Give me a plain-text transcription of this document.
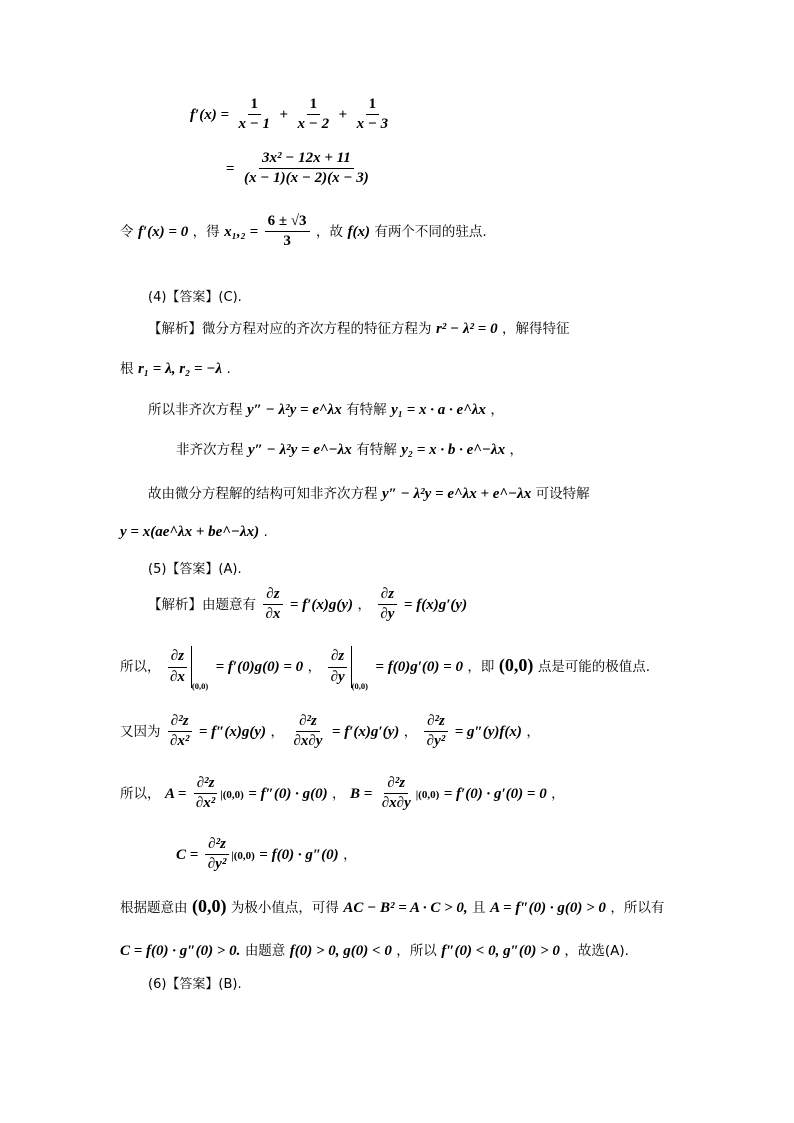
$f'(x) = \frac{1}{x - 1} + \frac{1}{x - 2} + \frac{1}{x - 3}$
= $\frac{\text{3x² − 12x + 11}}{(x - 1)(x - 2)(x - 3)}$
令 f′(x) = 0 ，得 $x_1,_2 = \frac{6 \pm √3}{3}$ ，故 f(x) 有两个不同的驻点.
(4)【答案】(C).
【解析】微分方程对应的齐次方程的特征方程为 r² − λ² = 0 ，解得特征
根 r₁ = λ, r₂ = −λ .
所以非齐次方程 y″ − λ²y = e^λx 有特解 y₁ = x · a · e^λx ，
非齐次方程 y″ − λ²y = e^−λx 有特解 y₂ = x · b · e^−λx ，
故由微分方程解的结构可知非齐次方程 y″ − λ²y = e^λx + e^−λx 可设特解
y = x(ae^λx + be^−λx) .
(5)【答案】(A).
【解析】由题意有 $\frac{\partial z}{\partial x} = f'(x)g(y)$ ， $\frac{\partial z}{\partial y} = f(x)g'(y)$
所以， $\frac{\partial z}{\partial x}$
$_{(0,0)}$ = f′(0)g(0) = 0 ， $\frac{\partial z}{\partial y}$
$_{(0,0)}$ = f(0)g′(0) = 0 ，即 (0,0) 点是可能的极值点.
又因为 $\frac{\text{∂²z}}{\text{∂x²}} = f''(x)g(y)$ ， $\frac{\text{∂²z}}{\partial x\partial y} = f'(x)g'(y)$ ， $\frac{\text{∂²z}}{\text{∂y²}} = g''(y)f(x)$ ，
所以， $A = \frac{\text{∂²z}}{\text{∂x²}} |(0,0) = f''(0) \cdot g(0)$ ， $B = \frac{\text{∂²z}}{\partial x\partial y} |(0,0) = f'(0) \cdot g'(0) = 0$ ，
$C = \frac{\text{∂²z}}{\text{∂y²}} |(0,0) = f(0) \cdot g''(0)$ ，
根据题意由 (0,0) 为极小值点，可得 AC − B² = A · C > 0, 且 A = f″(0) · g(0) > 0 ，所以有
C = f(0) · g″(0) > 0. 由题意 f(0) > 0, g(0) < 0 ，所以 f″(0) < 0, g″(0) > 0 ，故选(A).
(6)【答案】(B).
